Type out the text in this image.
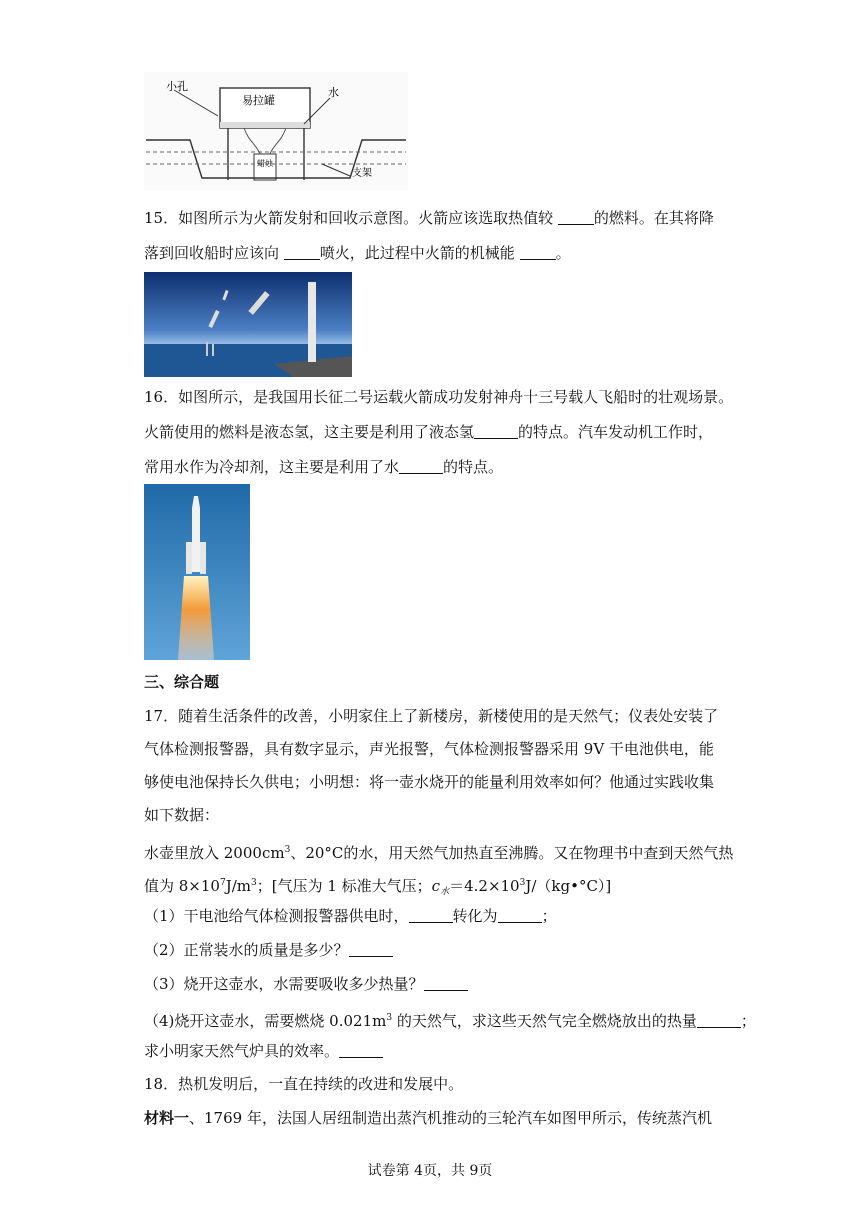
小孔
易拉罐
水
蜡烛
支架
15．如图所示为火箭发射和回收示意图。火箭应该选取热值较 的燃料。在其将降
落到回收船时应该向 喷火，此过程中火箭的机械能 。
16．如图所示，是我国用长征二号运载火箭成功发射神舟十三号载人飞船时的壮观场景。
火箭使用的燃料是液态氢，这主要是利用了液态氢	的特点。汽车发动机工作时，
常用水作为冷却剂，这主要是利用了水	的特点。
三、综合题
17．随着生活条件的改善，小明家住上了新楼房，新楼使用的是天然气；仪表处安装了
气体检测报警器，具有数字显示，声光报警，气体检测报警器采用 9V 干电池供电，能
够使电池保持长久供电；小明想：将一壶水烧开的能量利用效率如何？他通过实践收集
如下数据：
水壶里放入 $2000cm^3$、20°C的水，用天然气加热直至沸腾。又在物理书中查到天然气热
值为 $8\times 10^7J/m^3$；[气压为 1 标准大气压；$c_水=4.2\times 10^3J/(kg•^\circ C)$]
（1）干电池给气体检测报警器供电时，	转化为	；
（2）正常装水的质量是多少？
（3）烧开这壶水，水需要吸收多少热量？
（4)烧开这壶水，需要燃烧 $0.021m^3$ 的天然气，求这些天然气完全燃烧放出的热量	；
求小明家天然气炉具的效率。
18．热机发明后，一直在持续的改进和发展中。
材料一、1769 年，法国人居纽制造出蒸汽机推动的三轮汽车如图甲所示，传统蒸汽机
试卷第 4页，共 9页
